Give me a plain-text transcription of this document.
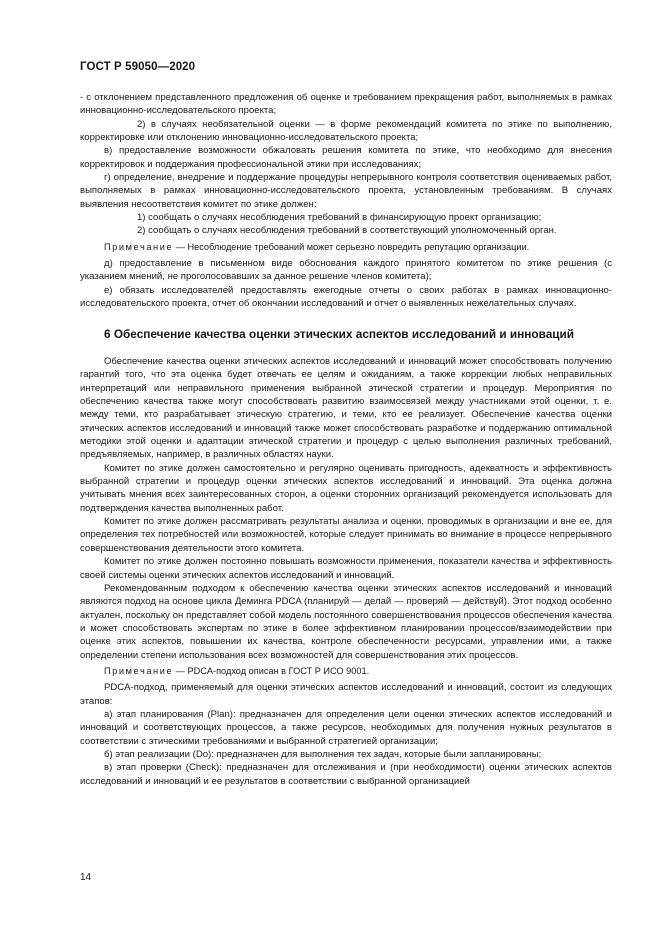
ГОСТ Р 59050—2020

- с отклонением представленного предложения об оценке и требованием прекращения работ, выполняемых в рамках инновационно-исследовательского проекта;

2) в случаях необязательной оценки — в форме рекомендаций комитета по этике по выполнению, корректировке или отклонению инновационно-исследовательского проекта;

в) предоставление возможности обжаловать решения комитета по этике, что необходимо для внесения корректировок и поддержания профессиональной этики при исследованиях;

г) определение, внедрение и поддержание процедуры непрерывного контроля соответствия оцениваемых работ, выполняемых в рамках инновационно-исследовательского проекта, установленным требованиям. В случаях выявления несоответствия комитет по этике должен:

1) сообщать о случаях несоблюдения требований в финансирующую проект организацию;

2) сообщать о случаях несоблюдения требований в соответствующий уполномоченный орган.

Примечание — Несоблюдение требований может серьезно повредить репутацию организации.

д) предоставление в письменном виде обоснования каждого принятого комитетом по этике решения (с указанием мнений, не проголосовавших за данное решение членов комитета);

е) обязать исследователей предоставлять ежегодные отчеты о своих работах в рамках инновационно-исследовательского проекта, отчет об окончании исследований и отчет о выявленных нежелательных случаях.

6 Обеспечение качества оценки этических аспектов исследований и инноваций

Обеспечение качества оценки этических аспектов исследований и инноваций может способствовать получению гарантий того, что эта оценка будет отвечать ее целям и ожиданиям, а также коррекции любых неправильных интерпретаций или неправильного применения выбранной этической стратегии и процедур. Мероприятия по обеспечению качества также могут способствовать развитию взаимосвязей между участниками этой оценки, т. е. между теми, кто разрабатывает этическую стратегию, и теми, кто ее реализует. Обеспечение качества оценки этических аспектов исследований и инноваций также может способствовать разработке и поддержанию оптимальной методики этой оценки и адаптации этической стратегии и процедур с целью выполнения различных требований, предъявляемых, например, в различных областях науки.

Комитет по этике должен самостоятельно и регулярно оценивать пригодность, адекватность и эффективность выбранной стратегии и процедур оценки этических аспектов исследований и инноваций. Эта оценка должна учитывать мнения всех заинтересованных сторон, а оценки сторонних организаций рекомендуется использовать для подтверждения качества выполненных работ.

Комитет по этике должен рассматривать результаты анализа и оценки, проводимых в организации и вне ее, для определения тех потребностей или возможностей, которые следует принимать во внимание в процессе непрерывного совершенствования деятельности этого комитета.

Комитет по этике должен постоянно повышать возможности применения, показатели качества и эффективность своей системы оценки этических аспектов исследований и инноваций.

Рекомендованным подходом к обеспечению качества оценки этических аспектов исследований и инноваций являются подход на основе цикла Деминга PDCA (планируй — делай — проверяй — действуй). Этот подход особенно актуален, поскольку он представляет собой модель постоянного совершенствования процессов обеспечения качества и может способствовать экспертам по этике в более эффективном планировании процессов/взаимодействии при оценке этих аспектов, повышении их качества, контроле обеспеченности ресурсами, управлении ими, а также определении степени использования всех возможностей для совершенствования этих процессов.

Примечание — PDCA-подход описан в ГОСТ Р ИСО 9001.

PDCA-подход, применяемый для оценки этических аспектов исследований и инноваций, состоит из следующих этапов:

а) этап планирования (Plan): предназначен для определения цели оценки этических аспектов исследований и инноваций и соответствующих процессов, а также ресурсов, необходимых для получения нужных результатов в соответствии с этическими требованиями и выбранной стратегией организации;

б) этап реализации (Do): предназначен для выполнения тех задач, которые были запланированы;

в) этап проверки (Check): предназначен для отслеживания и (при необходимости) оценки этических аспектов исследований и инноваций и ее результатов в соответствии с выбранной организацией

14
